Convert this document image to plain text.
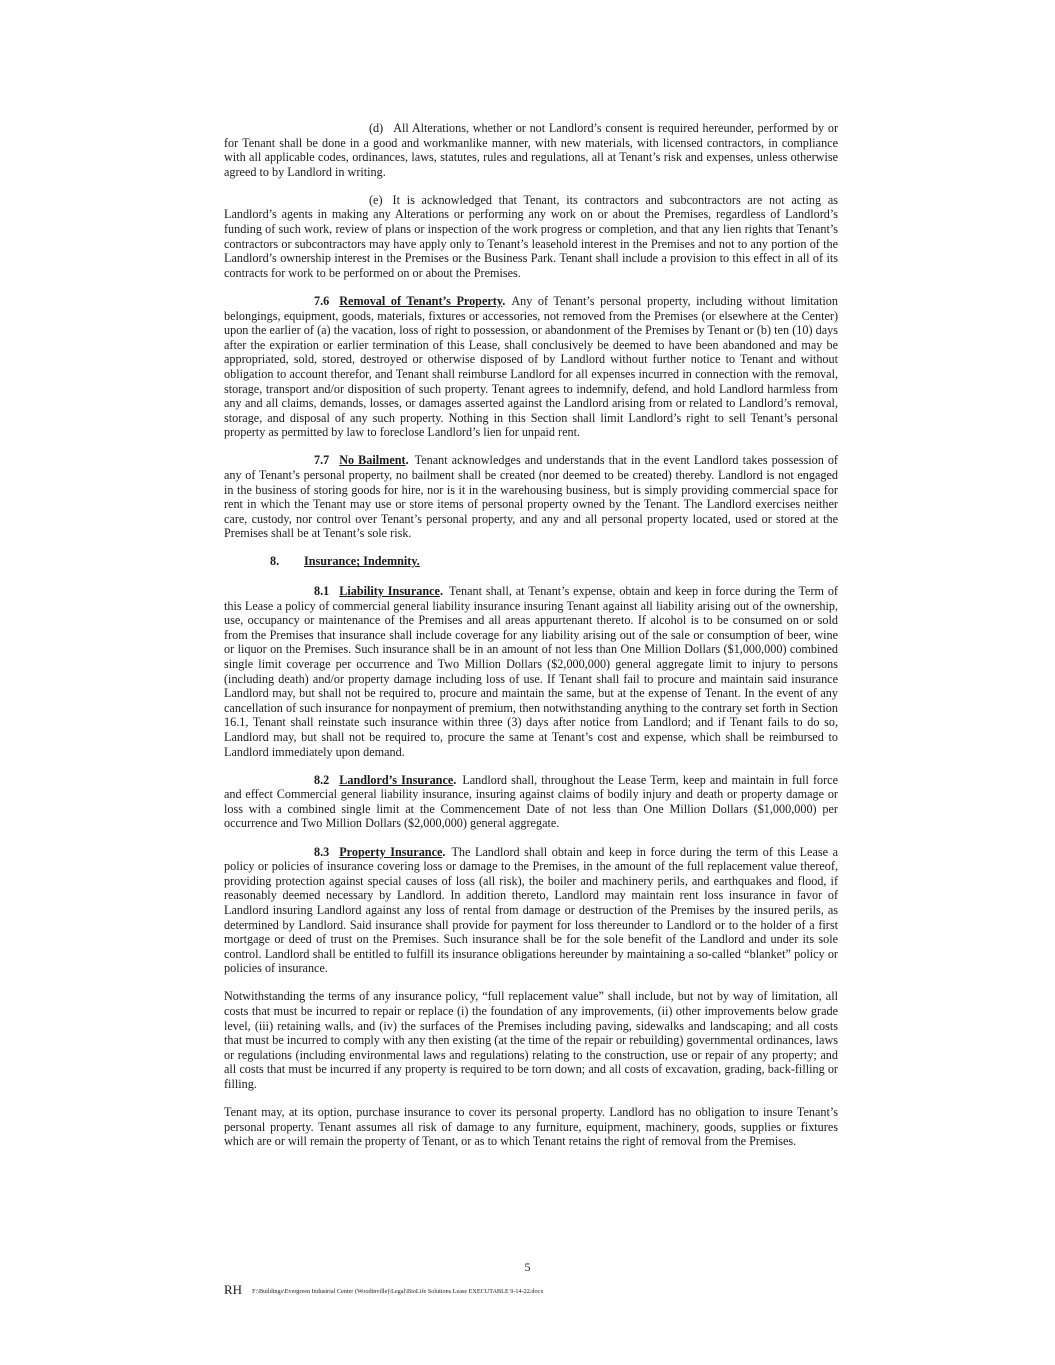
(d) All Alterations, whether or not Landlord’s consent is required hereunder, performed by or for Tenant shall be done in a good and workmanlike manner, with new materials, with licensed contractors, in compliance with all applicable codes, ordinances, laws, statutes, rules and regulations, all at Tenant’s risk and expenses, unless otherwise agreed to by Landlord in writing.

(e) It is acknowledged that Tenant, its contractors and subcontractors are not acting as Landlord’s agents in making any Alterations or performing any work on or about the Premises, regardless of Landlord’s funding of such work, review of plans or inspection of the work progress or completion, and that any lien rights that Tenant’s contractors or subcontractors may have apply only to Tenant’s leasehold interest in the Premises and not to any portion of the Landlord’s ownership interest in the Premises or the Business Park. Tenant shall include a provision to this effect in all of its contracts for work to be performed on or about the Premises.

7.6 Removal of Tenant’s Property. Any of Tenant’s personal property, including without limitation belongings, equipment, goods, materials, fixtures or accessories, not removed from the Premises (or elsewhere at the Center) upon the earlier of (a) the vacation, loss of right to possession, or abandonment of the Premises by Tenant or (b) ten (10) days after the expiration or earlier termination of this Lease, shall conclusively be deemed to have been abandoned and may be appropriated, sold, stored, destroyed or otherwise disposed of by Landlord without further notice to Tenant and without obligation to account therefor, and Tenant shall reimburse Landlord for all expenses incurred in connection with the removal, storage, transport and/or disposition of such property. Tenant agrees to indemnify, defend, and hold Landlord harmless from any and all claims, demands, losses, or damages asserted against the Landlord arising from or related to Landlord’s removal, storage, and disposal of any such property. Nothing in this Section shall limit Landlord’s right to sell Tenant’s personal property as permitted by law to foreclose Landlord’s lien for unpaid rent.

7.7 No Bailment. Tenant acknowledges and understands that in the event Landlord takes possession of any of Tenant’s personal property, no bailment shall be created (nor deemed to be created) thereby. Landlord is not engaged in the business of storing goods for hire, nor is it in the warehousing business, but is simply providing commercial space for rent in which the Tenant may use or store items of personal property owned by the Tenant. The Landlord exercises neither care, custody, nor control over Tenant’s personal property, and any and all personal property located, used or stored at the Premises shall be at Tenant’s sole risk.

8. Insurance; Indemnity.

8.1 Liability Insurance. Tenant shall, at Tenant’s expense, obtain and keep in force during the Term of this Lease a policy of commercial general liability insurance insuring Tenant against all liability arising out of the ownership, use, occupancy or maintenance of the Premises and all areas appurtenant thereto. If alcohol is to be consumed on or sold from the Premises that insurance shall include coverage for any liability arising out of the sale or consumption of beer, wine or liquor on the Premises. Such insurance shall be in an amount of not less than One Million Dollars ($1,000,000) combined single limit coverage per occurrence and Two Million Dollars ($2,000,000) general aggregate limit to injury to persons (including death) and/or property damage including loss of use. If Tenant shall fail to procure and maintain said insurance Landlord may, but shall not be required to, procure and maintain the same, but at the expense of Tenant. In the event of any cancellation of such insurance for nonpayment of premium, then notwithstanding anything to the contrary set forth in Section 16.1, Tenant shall reinstate such insurance within three (3) days after notice from Landlord; and if Tenant fails to do so, Landlord may, but shall not be required to, procure the same at Tenant’s cost and expense, which shall be reimbursed to Landlord immediately upon demand.

8.2 Landlord’s Insurance. Landlord shall, throughout the Lease Term, keep and maintain in full force and effect Commercial general liability insurance, insuring against claims of bodily injury and death or property damage or loss with a combined single limit at the Commencement Date of not less than One Million Dollars ($1,000,000) per occurrence and Two Million Dollars ($2,000,000) general aggregate.

8.3 Property Insurance. The Landlord shall obtain and keep in force during the term of this Lease a policy or policies of insurance covering loss or damage to the Premises, in the amount of the full replacement value thereof, providing protection against special causes of loss (all risk), the boiler and machinery perils, and earthquakes and flood, if reasonably deemed necessary by Landlord. In addition thereto, Landlord may maintain rent loss insurance in favor of Landlord insuring Landlord against any loss of rental from damage or destruction of the Premises by the insured perils, as determined by Landlord. Said insurance shall provide for payment for loss thereunder to Landlord or to the holder of a first mortgage or deed of trust on the Premises. Such insurance shall be for the sole benefit of the Landlord and under its sole control. Landlord shall be entitled to fulfill its insurance obligations hereunder by maintaining a so-called “blanket” policy or policies of insurance.

Notwithstanding the terms of any insurance policy, “full replacement value” shall include, but not by way of limitation, all costs that must be incurred to repair or replace (i) the foundation of any improvements, (ii) other improvements below grade level, (iii) retaining walls, and (iv) the surfaces of the Premises including paving, sidewalks and landscaping; and all costs that must be incurred to comply with any then existing (at the time of the repair or rebuilding) governmental ordinances, laws or regulations (including environmental laws and regulations) relating to the construction, use or repair of any property; and all costs that must be incurred if any property is required to be torn down; and all costs of excavation, grading, back-filling or filling.

Tenant may, at its option, purchase insurance to cover its personal property. Landlord has no obligation to insure Tenant’s personal property. Tenant assumes all risk of damage to any furniture, equipment, machinery, goods, supplies or fixtures which are or will remain the property of Tenant, or as to which Tenant retains the right of removal from the Premises.

5
RH F:\Buildings\Evergreen Industrial Center (Woodinville)\Legal\BioLife Solutions Lease EXECUTABLE 9-14-22.docx
